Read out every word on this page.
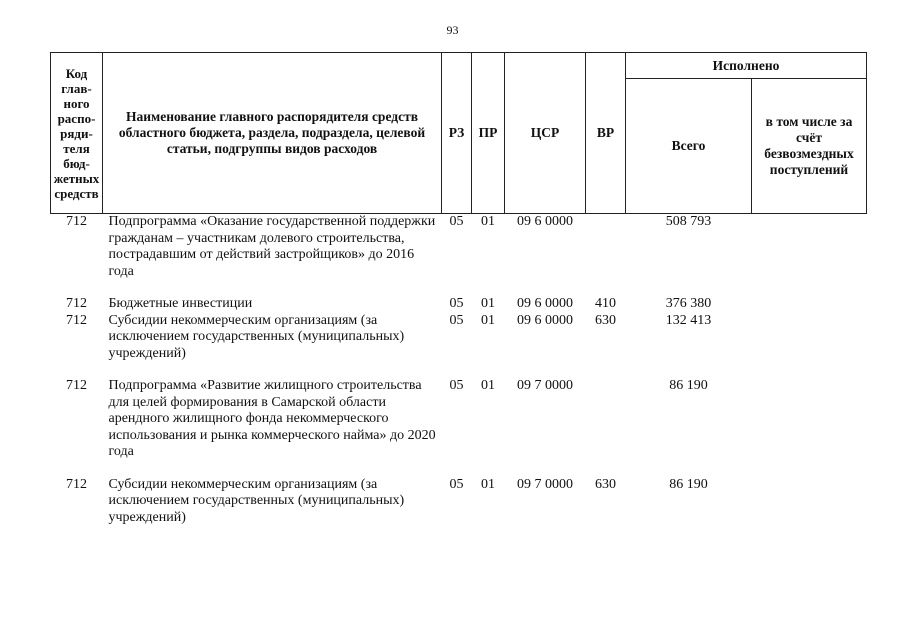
93
Код глав-ного распо-ряди-теля бюд-жетных средств	Наименование главного распорядителя средств областного бюджета, раздела, подраздела, целевой статьи, подгруппы видов расходов	РЗ	ПР	ЦСР	ВР	Исполнено	
						Всего	в том числе за счёт безвозмездных поступлений
712	Подпрограмма «Оказание государственной поддержки гражданам – участникам долевого строительства, пострадавшим от действий застройщиков» до 2016 года	05	01	09 6 0000		508 793	

712	Бюджетные инвестиции	05	01	09 6 0000	410	376 380	
712	Субсидии некоммерческим организациям (за исключением государственных (муниципальных) учреждений)	05	01	09 6 0000	630	132 413	

712	Подпрограмма «Развитие жилищного строительства для целей формирования в Самарской области арендного жилищного фонда некоммерческого использования и рынка коммерческого найма» до 2020 года	05	01	09 7 0000		86 190	

712	Субсидии некоммерческим организациям (за исключением государственных (муниципальных) учреждений)	05	01	09 7 0000	630	86 190	
